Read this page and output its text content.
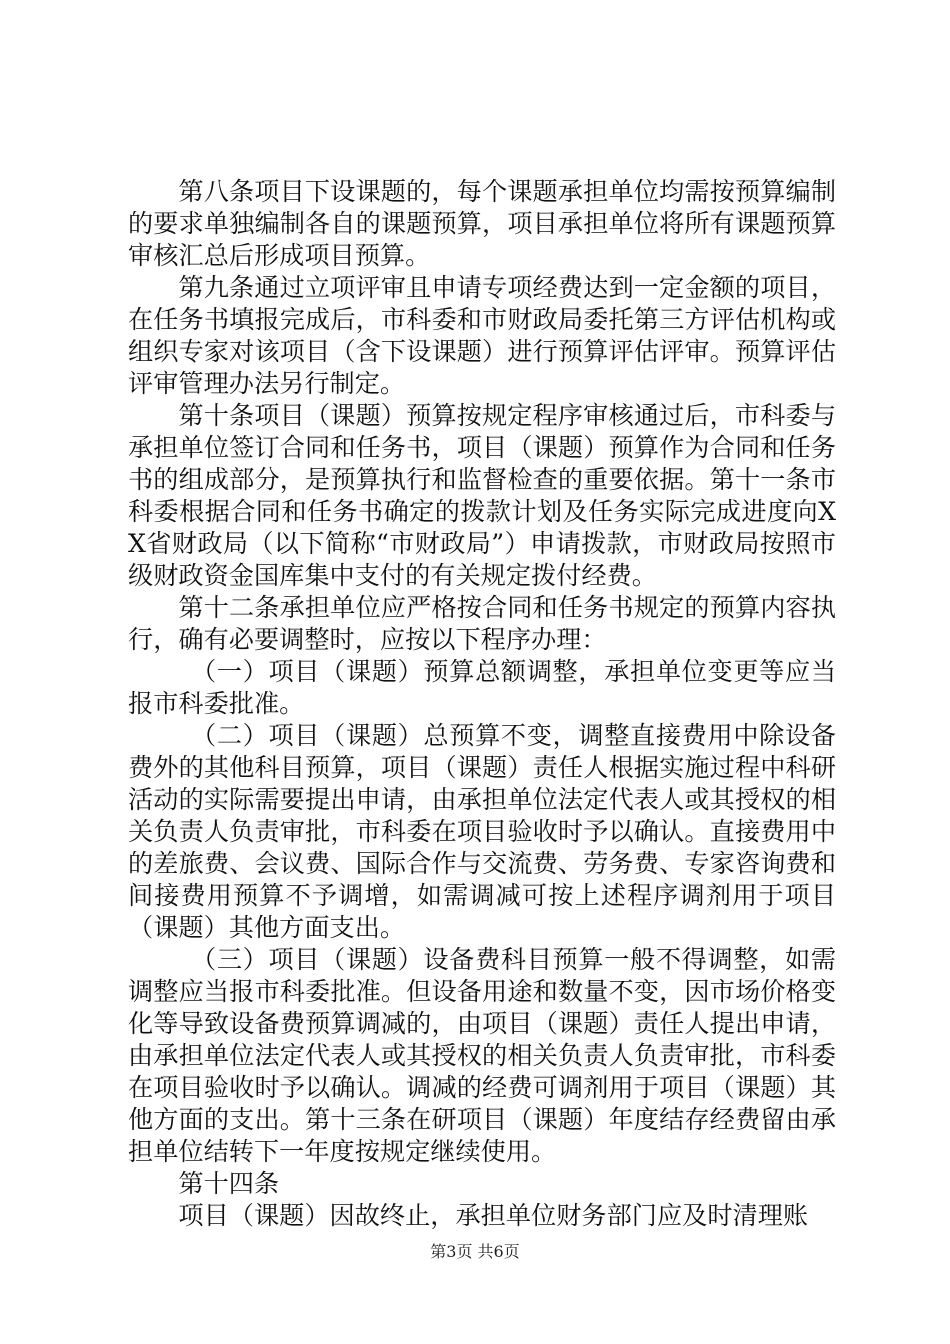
第八条项目下设课题的，每个课题承担单位均需按预算编制的要求单独编制各自的课题预算，项目承担单位将所有课题预算审核汇总后形成项目预算。

第九条通过立项评审且申请专项经费达到一定金额的项目，在任务书填报完成后，市科委和市财政局委托第三方评估机构或组织专家对该项目（含下设课题）进行预算评估评审。预算评估评审管理办法另行制定。

第十条项目（课题）预算按规定程序审核通过后，市科委与承担单位签订合同和任务书，项目（课题）预算作为合同和任务书的组成部分，是预算执行和监督检查的重要依据。第十一条市科委根据合同和任务书确定的拨款计划及任务实际完成进度向XX省财政局（以下简称“市财政局”）申请拨款，市财政局按照市级财政资金国库集中支付的有关规定拨付经费。

第十二条承担单位应严格按合同和任务书规定的预算内容执行，确有必要调整时，应按以下程序办理：

（一）项目（课题）预算总额调整，承担单位变更等应当报市科委批准。

（二）项目（课题）总预算不变，调整直接费用中除设备费外的其他科目预算，项目（课题）责任人根据实施过程中科研活动的实际需要提出申请，由承担单位法定代表人或其授权的相关负责人负责审批，市科委在项目验收时予以确认。直接费用中的差旅费、会议费、国际合作与交流费、劳务费、专家咨询费和间接费用预算不予调增，如需调减可按上述程序调剂用于项目（课题）其他方面支出。

（三）项目（课题）设备费科目预算一般不得调整，如需调整应当报市科委批准。但设备用途和数量不变，因市场价格变化等导致设备费预算调减的，由项目（课题）责任人提出申请，由承担单位法定代表人或其授权的相关负责人负责审批，市科委在项目验收时予以确认。调减的经费可调剂用于项目（课题）其他方面的支出。第十三条在研项目（课题）年度结存经费留由承担单位结转下一年度按规定继续使用。

第十四条

项目（课题）因故终止，承担单位财务部门应及时清理账

第3页 共6页
